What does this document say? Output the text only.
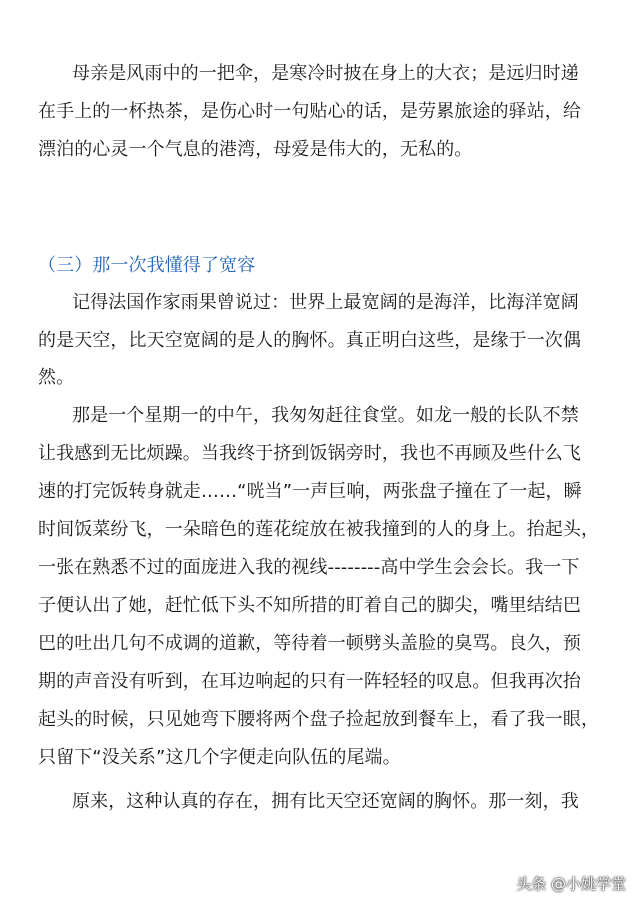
母亲是风雨中的一把伞，是寒冷时披在身上的大衣；是远归时递
在手上的一杯热茶，是伤心时一句贴心的话，是劳累旅途的驿站，给
漂泊的心灵一个气息的港湾，母爱是伟大的，无私的。
（三）那一次我懂得了宽容
记得法国作家雨果曾说过：世界上最宽阔的是海洋，比海洋宽阔
的是天空，比天空宽阔的是人的胸怀。真正明白这些，是缘于一次偶
然。
那是一个星期一的中午，我匆匆赶往食堂。如龙一般的长队不禁
让我感到无比烦躁。当我终于挤到饭锅旁时，我也不再顾及些什么飞
速的打完饭转身就走……“咣当”一声巨响，两张盘子撞在了一起，瞬
时间饭菜纷飞，一朵暗色的莲花绽放在被我撞到的人的身上。抬起头，
一张在熟悉不过的面庞进入我的视线--------高中学生会会长。我一下
子便认出了她，赶忙低下头不知所措的盯着自己的脚尖，嘴里结结巴
巴的吐出几句不成调的道歉，等待着一顿劈头盖脸的臭骂。良久，预
期的声音没有听到，在耳边响起的只有一阵轻轻的叹息。但我再次抬
起头的时候，只见她弯下腰将两个盘子捡起放到餐车上，看了我一眼，
只留下“没关系”这几个字便走向队伍的尾端。
原来，这种认真的存在，拥有比天空还宽阔的胸怀。那一刻，我
头条 @小姚学堂
